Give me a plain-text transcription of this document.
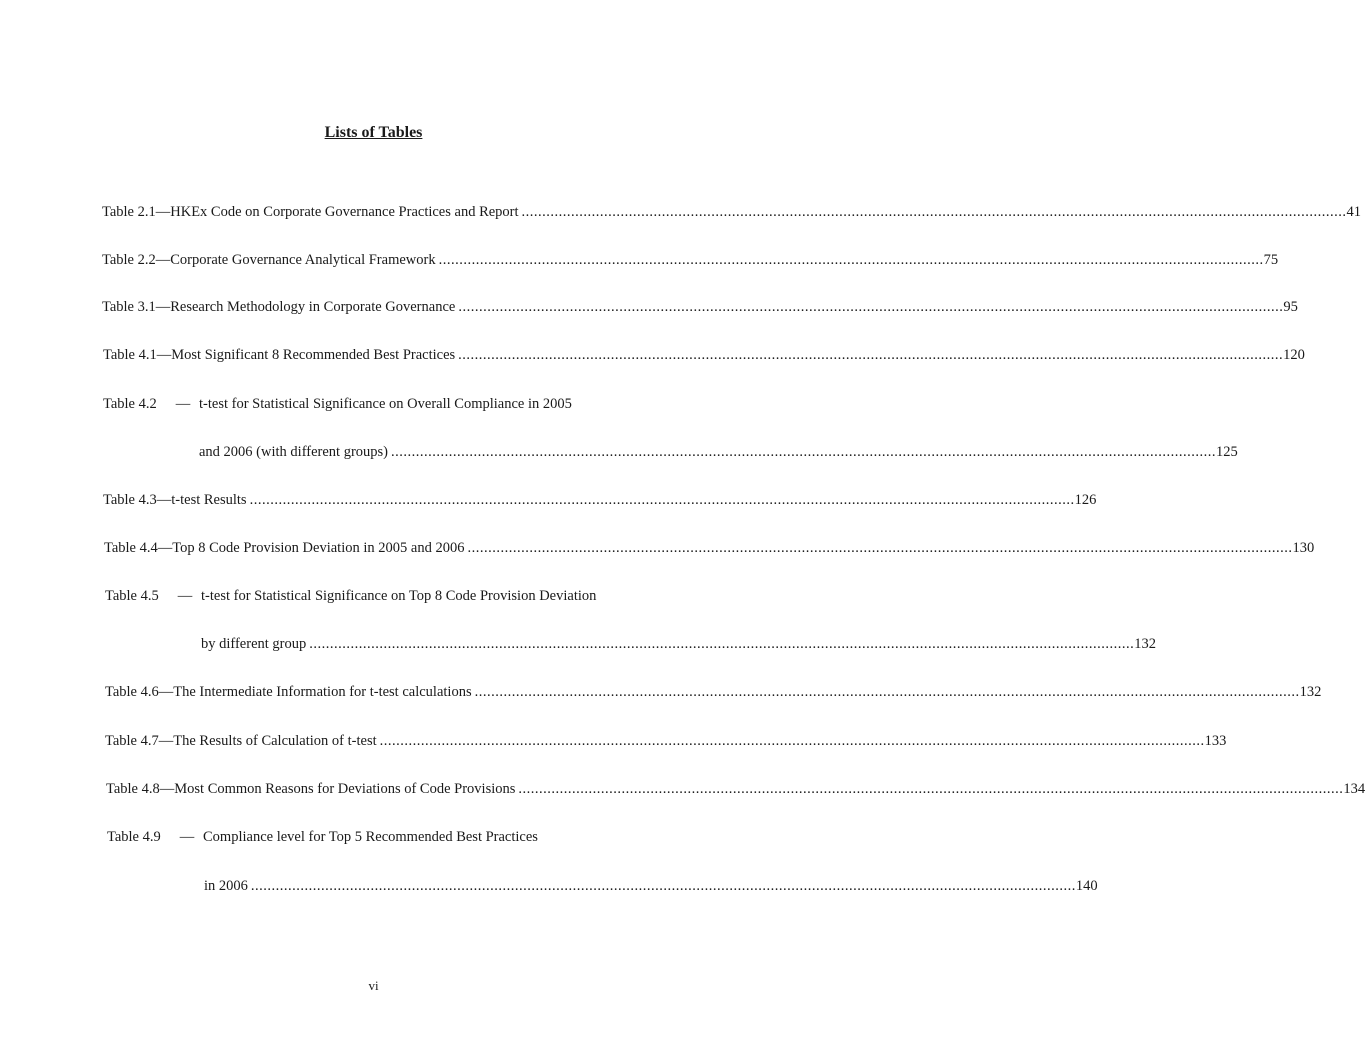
Lists of Tables
Table 2.1 — HKEx Code on Corporate Governance Practices and Report ........................................................................................................................................................................................................ 41
Table 2.2 — Corporate Governance Analytical Framework ........................................................................................................................................................................................................ 75
Table 3.1 — Research Methodology in Corporate Governance ........................................................................................................................................................................................................ 95
Table 4.1 — Most Significant 8 Recommended Best Practices ........................................................................................................................................................................................................ 120
Table 4.2	— t-test for Statistical Significance on Overall Compliance in 2005
and 2006 (with different groups) ........................................................................................................................................................................................................ 125
Table 4.3 — t-test Results ........................................................................................................................................................................................................ 126
Table 4.4 — Top 8 Code Provision Deviation in 2005 and 2006 ........................................................................................................................................................................................................ 130
Table 4.5	— t-test for Statistical Significance on Top 8 Code Provision Deviation
by different group ........................................................................................................................................................................................................ 132
Table 4.6 — The Intermediate Information for t-test calculations ........................................................................................................................................................................................................ 132
Table 4.7 — The Results of Calculation of t-test ........................................................................................................................................................................................................ 133
Table 4.8 — Most Common Reasons for Deviations of Code Provisions ........................................................................................................................................................................................................ 134
Table 4.9	— Compliance level for Top 5 Recommended Best Practices
in 2006 ........................................................................................................................................................................................................ 140
vi
